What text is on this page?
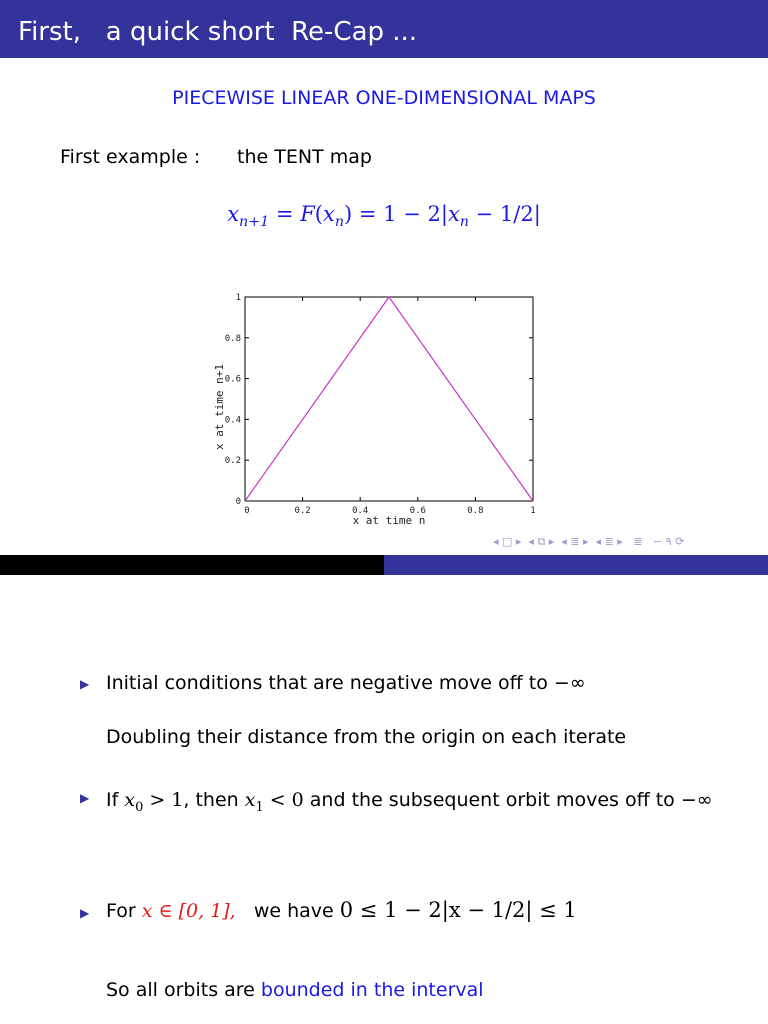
First,   a quick short  Re-Cap ...
PIECEWISE LINEAR ONE-DIMENSIONAL MAPS
First example : the TENT map
$x_{n+1} = F(x_n) = 1 - 2|x_n - 1/2|$
0	0.2	0.4	0.6	0.8	1
0
0.2
0.4
0.6
0.8
1
x at time n
x at time n+1
◂ □ ▸  ◂ ⧉ ▸  ◂ ≣ ▸  ◂ ≣ ▸   ≣   ∽ ۹ ⟳
▶ Initial conditions that are negative move off to −∞
Doubling their distance from the origin on each iterate
▶ If $x_0 > 1$, then $x_1 < 0$ and the subsequent orbit moves off to −∞
▶ For x ∈ [0, 1],   we have 0 ≤ 1 − 2|x − 1/2| ≤ 1
So all orbits are bounded in the interval
